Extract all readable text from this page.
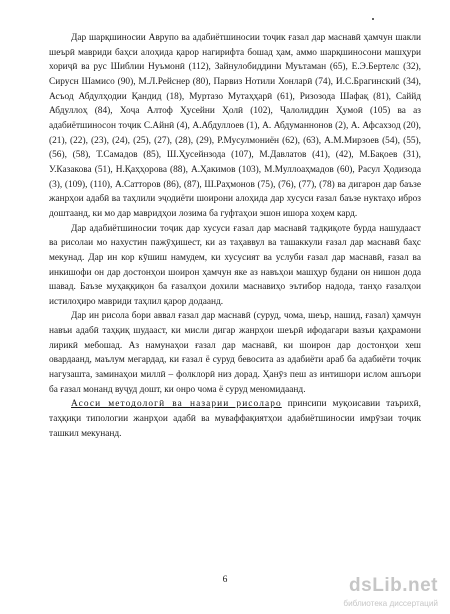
Дар шарқшиносии Аврупо ва адабиётшиносии тоҷик ғазал дар маснавӣ ҳамчун шакли шеърӣ мавриди баҳси алоҳида қарор нагирифта бошад ҳам, аммо шарқшиносони машҳури хориҷӣ ва рус Шиблии Нуъмонӣ (112), Зайнулобиддини Муътаман (65), Е.Э.Бертелс (32), Сирусн Шамисо (90), М.Л.Рейснер (80), Парвиз Нотили Хонларӣ (74), И.С.Брагинский (34), Асъод Абдулҳодии Қандид (18), Муртазо Мутаҳҳарӣ (61), Ризозода Шафақ (81), Саййд Абдуллоҳ (84), Хоҷа Алтоф Ҳусейни Ҳолӣ (102), Ҷалолиддин Ҳумоӣ (105) ва аз адабиётшиносон тоҷик С.Айнӣ (4), А.Абдуллоев (1), А. Абдуманнонов (2), А. Афсахзод (20), (21), (22), (23), (24), (25), (27), (28), (29), Р.Мусулмониён (62), (63), А.М.Мирзоев (54), (55), (56), (58), Т.Самадов (85), Ш.Ҳусейнзода (107), М.Давлатов (41), (42), М.Бақоев (31), У.Казакова (51), Н.Қаҳҳорова (88), А.Ҳакимов (103), М.Муллоаҳмадов (60), Расул Ҳодизода (3), (109), (110), А.Сатторов (86), (87), Ш.Раҳмонов (75), (76), (77), (78) ва дигарон дар баъзе жанрҳои адабӣ ва таҳлили эҷодиёти шоирони алоҳида дар хусуси ғазал баъзе нуктаҳо иброз доштаанд, ки мо дар мавридҳои лозима ба гуфтаҳои эшон ишора хоҳем кард.

Дар адабиётшиносии тоҷик дар хусуси ғазал дар маснавӣ тадқиқоте бурда нашудааст ва рисолаи мо нахустин пажӯҳишест, ки аз таҳаввул ва ташаккули ғазал дар маснавӣ баҳс мекунад. Дар ин кор кӯшиш намудем, ки хусусият ва услуби ғазал дар маснавӣ, ғазал ва инкишофи он дар достонҳои шоирон ҳамчун яке аз навъҳои машҳур будани он нишон дода шавад. Баъзе муҳаққиқон ба ғазалҳои дохили маснавиҳо эътибор надода, танҳо ғазалҳои истилоҳиро мавриди таҳлил қарор додаанд.

Дар ин рисола бори аввал ғазал дар маснавӣ (суруд, чома, шеър, нашид, ғазал) ҳамчун навъи адабӣ таҳқиқ шудааст, ки мисли дигар жанрҳои шеърӣ ифодагари вазъи қаҳрамони лирикӣ мебошад. Аз намунаҳои ғазал дар маснавӣ, ки шоирон дар достонҳои хеш овардаанд, маълум мегардад, ки ғазал ё суруд бевосита аз адабиёти араб ба адабиёти тоҷик нагузашта, заминаҳои миллӣ – фолклорӣ низ дорад. Ҳанӯз пеш аз интишори ислом ашъори ба ғазал монанд вуҷуд дошт, ки онро чома ё суруд меномидаанд.

Асоси методологӣ ва назарии рисоларо принсипи муқоисавии таърихӣ, таҳқиқи типологии жанрҳои адабӣ ва муваффақиятҳои адабиётшиносии имрӯзаи тоҷик ташкил мекунанд.

6	dsLib.net
библиотека диссертаций
